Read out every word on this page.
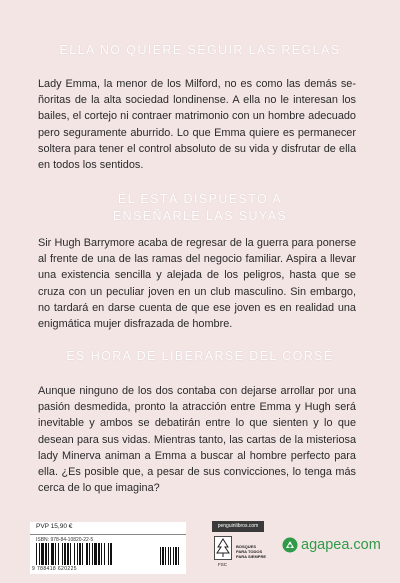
ELLA NO QUIERE SEGUIR LAS REGLAS
Lady Emma, la menor de los Milford, no es como las demás se-
ñoritas de la alta sociedad londinense. A ella no le interesan los
bailes, el cortejo ni contraer matrimonio con un hombre adecuado
pero seguramente aburrido. Lo que Emma quiere es permanecer
soltera para tener el control absoluto de su vida y disfrutar de ella
en todos los sentidos.
ÉL ESTÁ DISPUESTO A
ENSEÑARLE LAS SUYAS
Sir Hugh Barrymore acaba de regresar de la guerra para ponerse
al frente de una de las ramas del negocio familiar. Aspira a llevar
una existencia sencilla y alejada de los peligros, hasta que se
cruza con un peculiar joven en un club masculino. Sin embargo,
no tardará en darse cuenta de que ese joven es en realidad una
enigmática mujer disfrazada de hombre.
ES HORA DE LIBERARSE DEL CORSÉ
Aunque ninguno de los dos contaba con dejarse arrollar por una
pasión desmedida, pronto la atracción entre Emma y Hugh será
inevitable y ambos se debatirán entre lo que sienten y lo que
desean para sus vidas. Mientras tanto, las cartas de la misteriosa
lady Minerva animan a Emma a buscar al hombre perfecto para
ella. ¿Es posible que, a pesar de sus convicciones, lo tenga más
cerca de lo que imagina?
PVP 15,90 €
ISBN: 978-84-10820-22-5
9 788418 620225
penguinlibros.com
BOSQUES
PARA TODOS
PARA SIEMPRE
FSC
agapea.com
